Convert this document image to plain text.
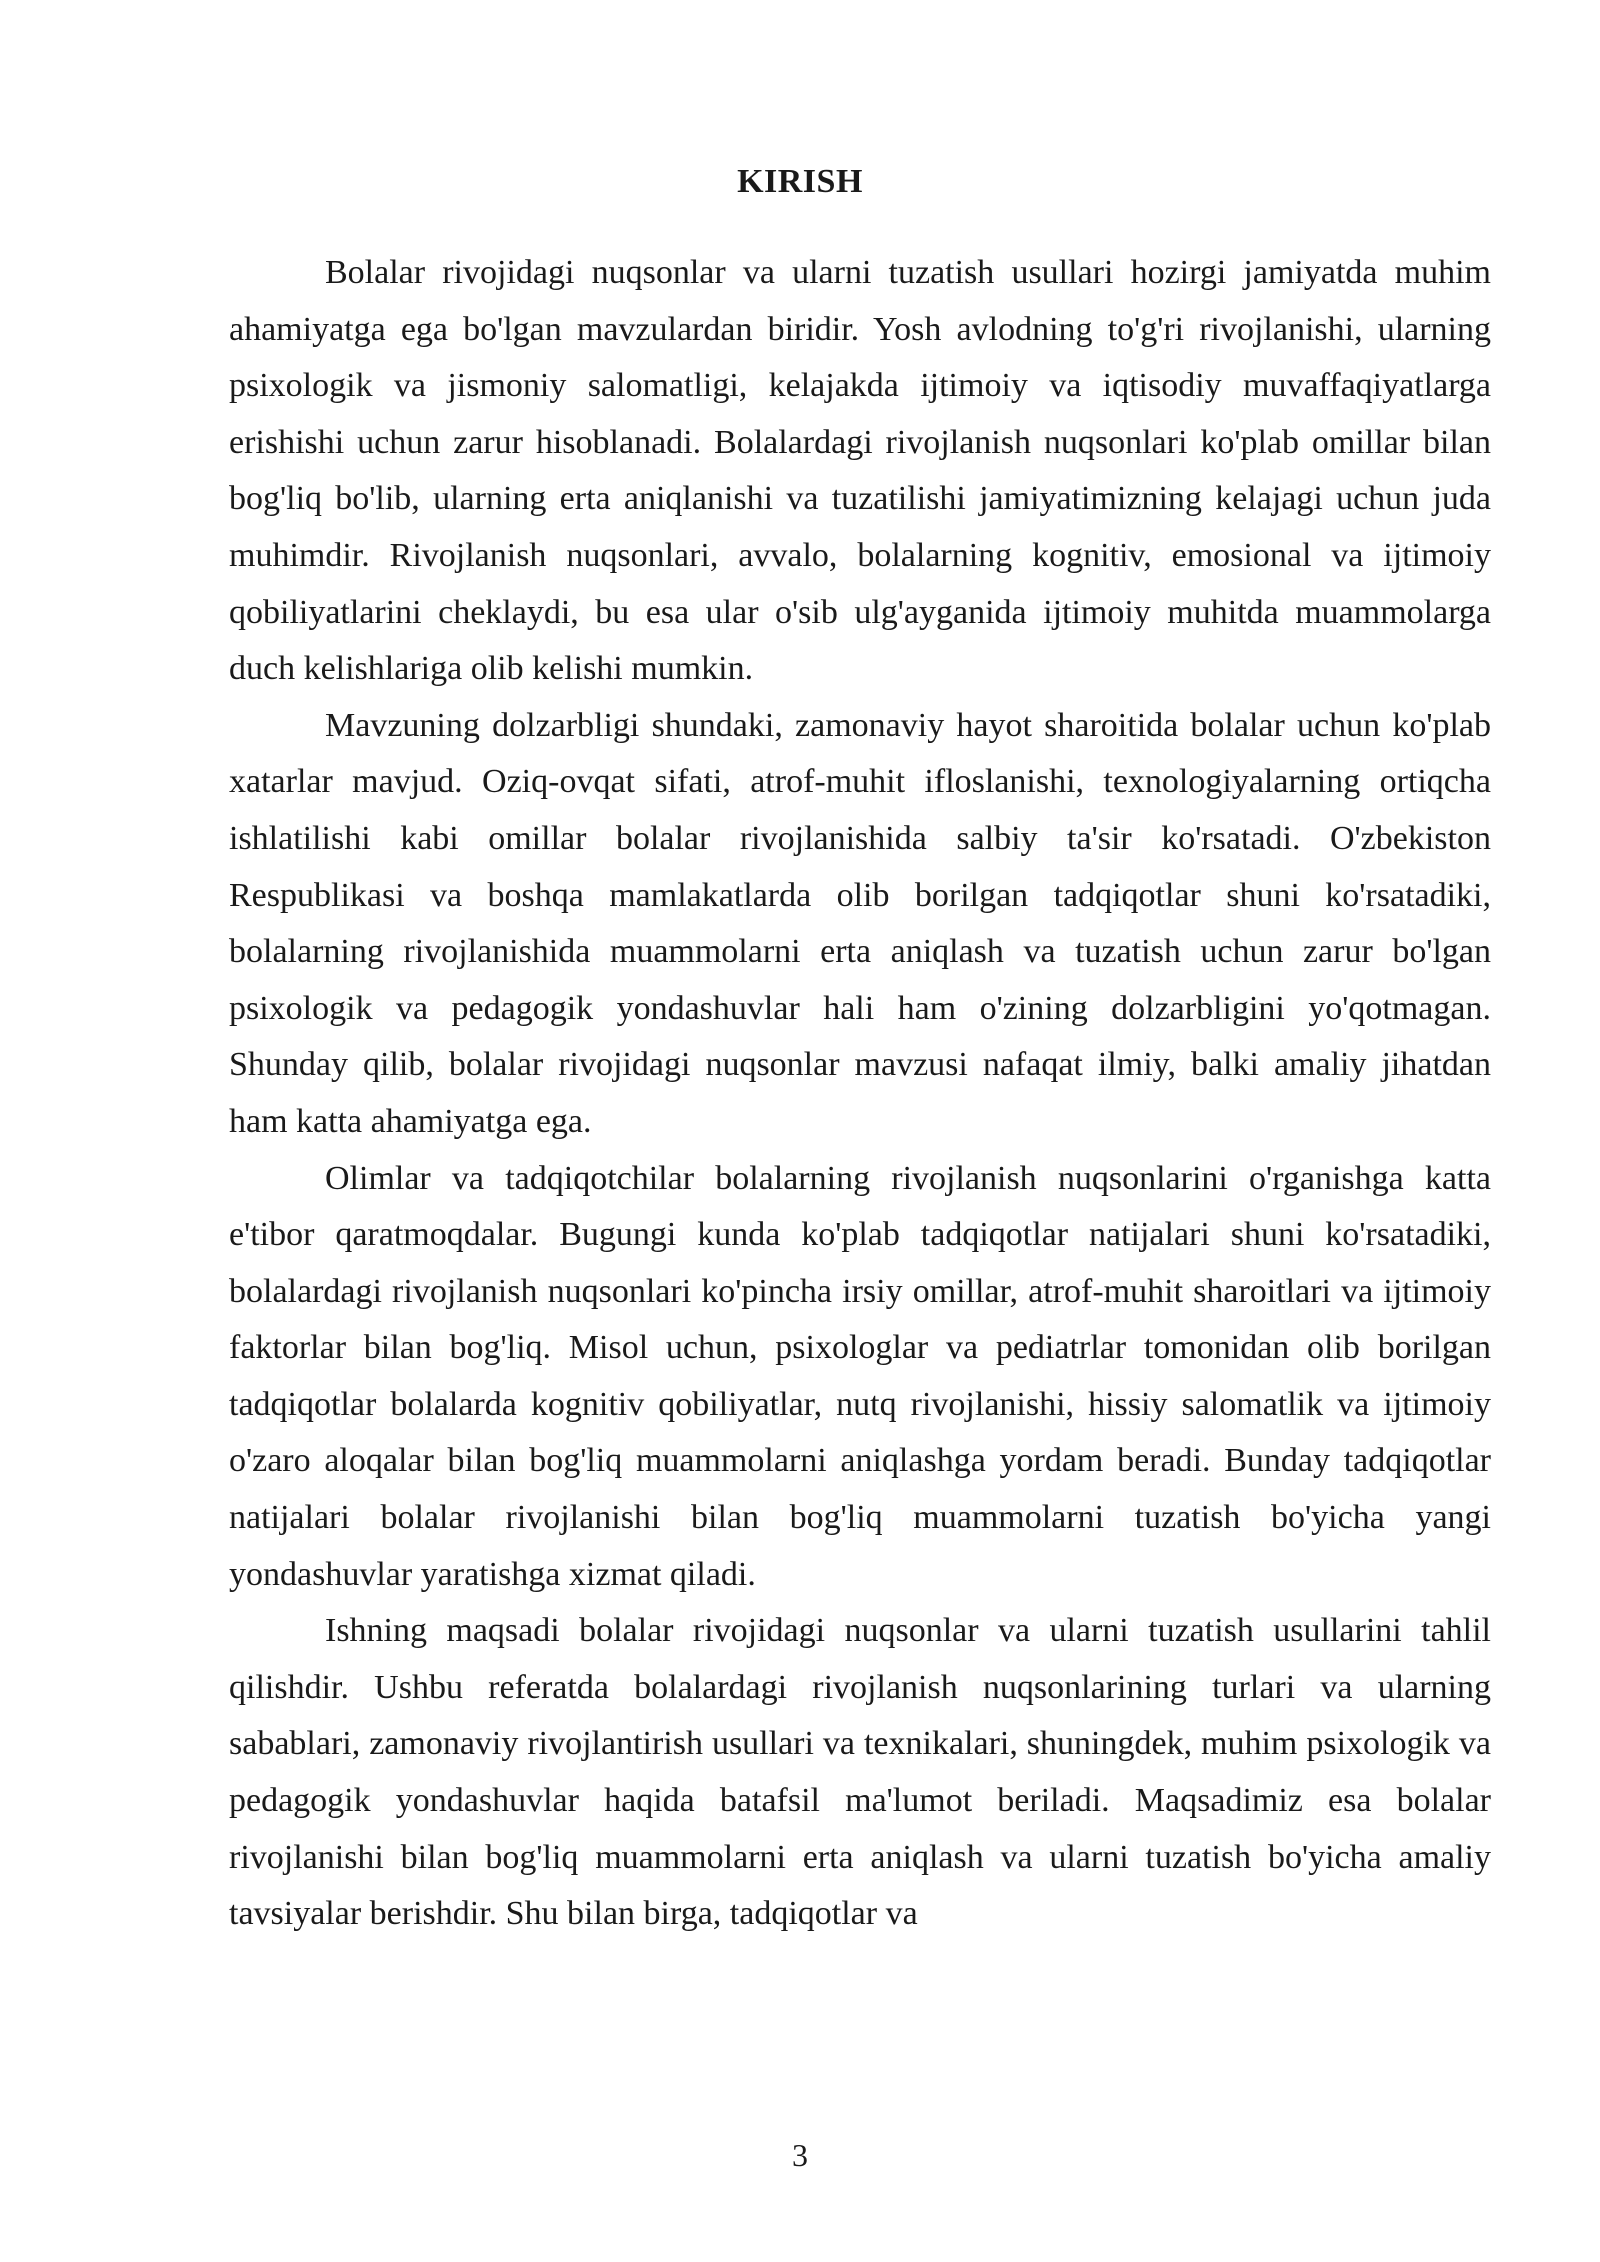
KIRISH

Bolalar rivojidagi nuqsonlar va ularni tuzatish usullari hozirgi jamiyatda muhim ahamiyatga ega bo'lgan mavzulardan biridir. Yosh avlodning to'g'ri rivojlanishi, ularning psixologik va jismoniy salomatligi, kelajakda ijtimoiy va iqtisodiy muvaffaqiyatlarga erishishi uchun zarur hisoblanadi. Bolalardagi rivojlanish nuqsonlari ko'plab omillar bilan bog'liq bo'lib, ularning erta aniqlanishi va tuzatilishi jamiyatimizning kelajagi uchun juda muhimdir. Rivojlanish nuqsonlari, avvalo, bolalarning kognitiv, emosional va ijtimoiy qobiliyatlarini cheklaydi, bu esa ular o'sib ulg'ayganida ijtimoiy muhitda muammolarga duch kelishlariga olib kelishi mumkin.

Mavzuning dolzarbligi shundaki, zamonaviy hayot sharoitida bolalar uchun ko'plab xatarlar mavjud. Oziq-ovqat sifati, atrof-muhit ifloslanishi, texnologiyalarning ortiqcha ishlatilishi kabi omillar bolalar rivojlanishida salbiy ta'sir ko'rsatadi. O'zbekiston Respublikasi va boshqa mamlakatlarda olib borilgan tadqiqotlar shuni ko'rsatadiki, bolalarning rivojlanishida muammolarni erta aniqlash va tuzatish uchun zarur bo'lgan psixologik va pedagogik yondashuvlar hali ham o'zining dolzarbligini yo'qotmagan. Shunday qilib, bolalar rivojidagi nuqsonlar mavzusi nafaqat ilmiy, balki amaliy jihatdan ham katta ahamiyatga ega.

Olimlar va tadqiqotchilar bolalarning rivojlanish nuqsonlarini o'rganishga katta e'tibor qaratmoqdalar. Bugungi kunda ko'plab tadqiqotlar natijalari shuni ko'rsatadiki, bolalardagi rivojlanish nuqsonlari ko'pincha irsiy omillar, atrof-muhit sharoitlari va ijtimoiy faktorlar bilan bog'liq. Misol uchun, psixologlar va pediatrlar tomonidan olib borilgan tadqiqotlar bolalarda kognitiv qobiliyatlar, nutq rivojlanishi, hissiy salomatlik va ijtimoiy o'zaro aloqalar bilan bog'liq muammolarni aniqlashga yordam beradi. Bunday tadqiqotlar natijalari bolalar rivojlanishi bilan bog'liq muammolarni tuzatish bo'yicha yangi yondashuvlar yaratishga xizmat qiladi.

Ishning maqsadi bolalar rivojidagi nuqsonlar va ularni tuzatish usullarini tahlil qilishdir. Ushbu referatda bolalardagi rivojlanish nuqsonlarining turlari va ularning sabablari, zamonaviy rivojlantirish usullari va texnikalari, shuningdek, muhim psixologik va pedagogik yondashuvlar haqida batafsil ma'lumot beriladi. Maqsadimiz esa bolalar rivojlanishi bilan bog'liq muammolarni erta aniqlash va ularni tuzatish bo'yicha amaliy tavsiyalar berishdir. Shu bilan birga, tadqiqotlar va

3
